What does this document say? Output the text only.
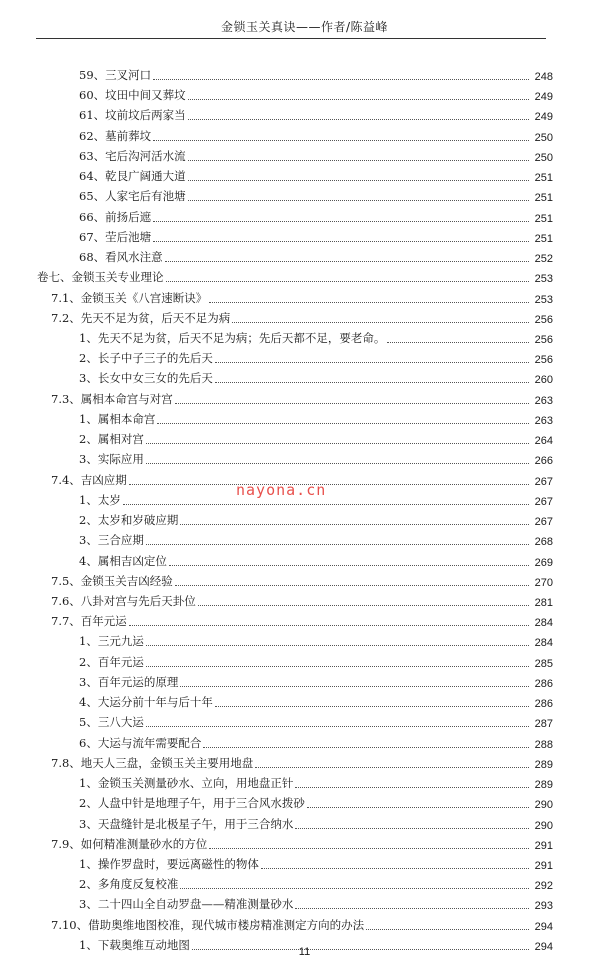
金锁玉关真诀——作者/陈益峰
59、三叉河口	248
60、坟田中间又葬坟	249
61、坟前坟后两家当	249
62、墓前葬坟	250
63、宅后沟河活水流	250
64、乾艮广阔通大道	251
65、人家宅后有池塘	251
66、前扬后遮	251
67、茔后池塘	251
68、看风水注意	252
卷七、金锁玉关专业理论	253
7.1、金锁玉关《八宫速断诀》	253
7.2、先天不足为贫，后天不足为病	256
1、先天不足为贫，后天不足为病；先后天都不足，要老命。	256
2、长子中子三子的先后天	256
3、长女中女三女的先后天	260
7.3、属相本命宫与对宫	263
1、属相本命宫	263
2、属相对宫	264
3、实际应用	266
7.4、吉凶应期	267
1、太岁	267
2、太岁和岁破应期	267
3、三合应期	268
4、属相吉凶定位	269
7.5、金锁玉关吉凶经验	270
7.6、八卦对宫与先后天卦位	281
7.7、百年元运	284
1、三元九运	284
2、百年元运	285
3、百年元运的原理	286
4、大运分前十年与后十年	286
5、三八大运	287
6、大运与流年需要配合	288
7.8、地天人三盘，金锁玉关主要用地盘	289
1、金锁玉关测量砂水、立向，用地盘正针	289
2、人盘中针是地理子午，用于三合风水拨砂	290
3、天盘缝针是北极星子午，用于三合纳水	290
7.9、如何精准测量砂水的方位	291
1、操作罗盘时，要远离磁性的物体	291
2、多角度反复校准	292
3、二十四山全自动罗盘——精准测量砂水	293
7.10、借助奥维地图校准，现代城市楼房精准测定方向的办法	294
1、下载奥维互动地图	294
nayona.cn
11
